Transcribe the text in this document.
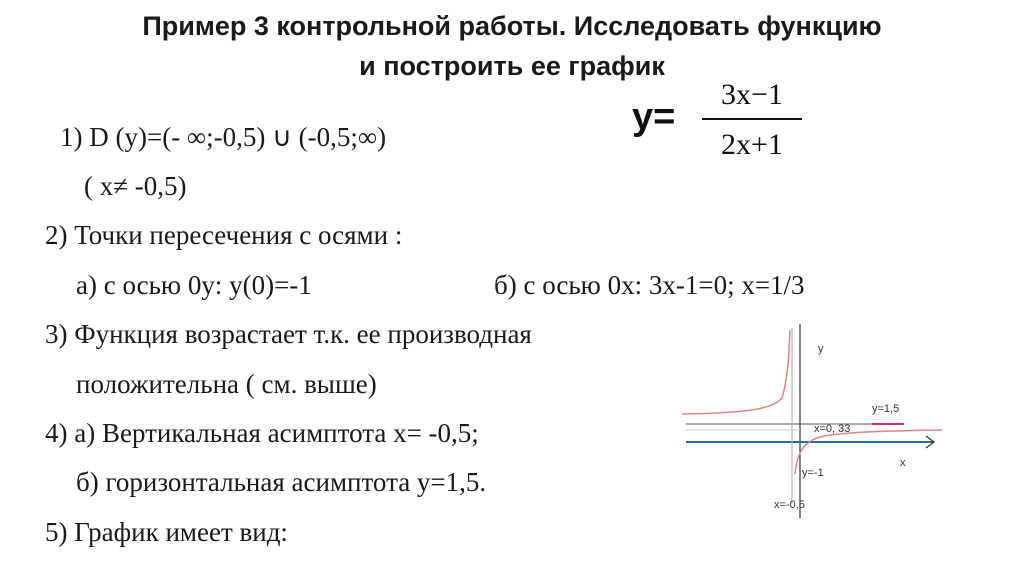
Пример 3 контрольной работы. Исследовать функцию
и построить ее график
y=
3x−1
2x+1
1) D (y)=(- ∞;-0,5) ∪ (-0,5;∞)
( x≠ -0,5)
2) Точки пересечения с осями :
а) с осью 0y: y(0)=-1	б) с осью 0x: 3x-1=0; x=1/3
3) Функция возрастает т.к. ее производная
положительна ( см. выше)
4) а) Вертикальная асимптота x= -0,5;
б) горизонтальная асимптота y=1,5.
5) График имеет вид:
y
x
y=1,5
x=0, 33
y=-1
x=-0,5
